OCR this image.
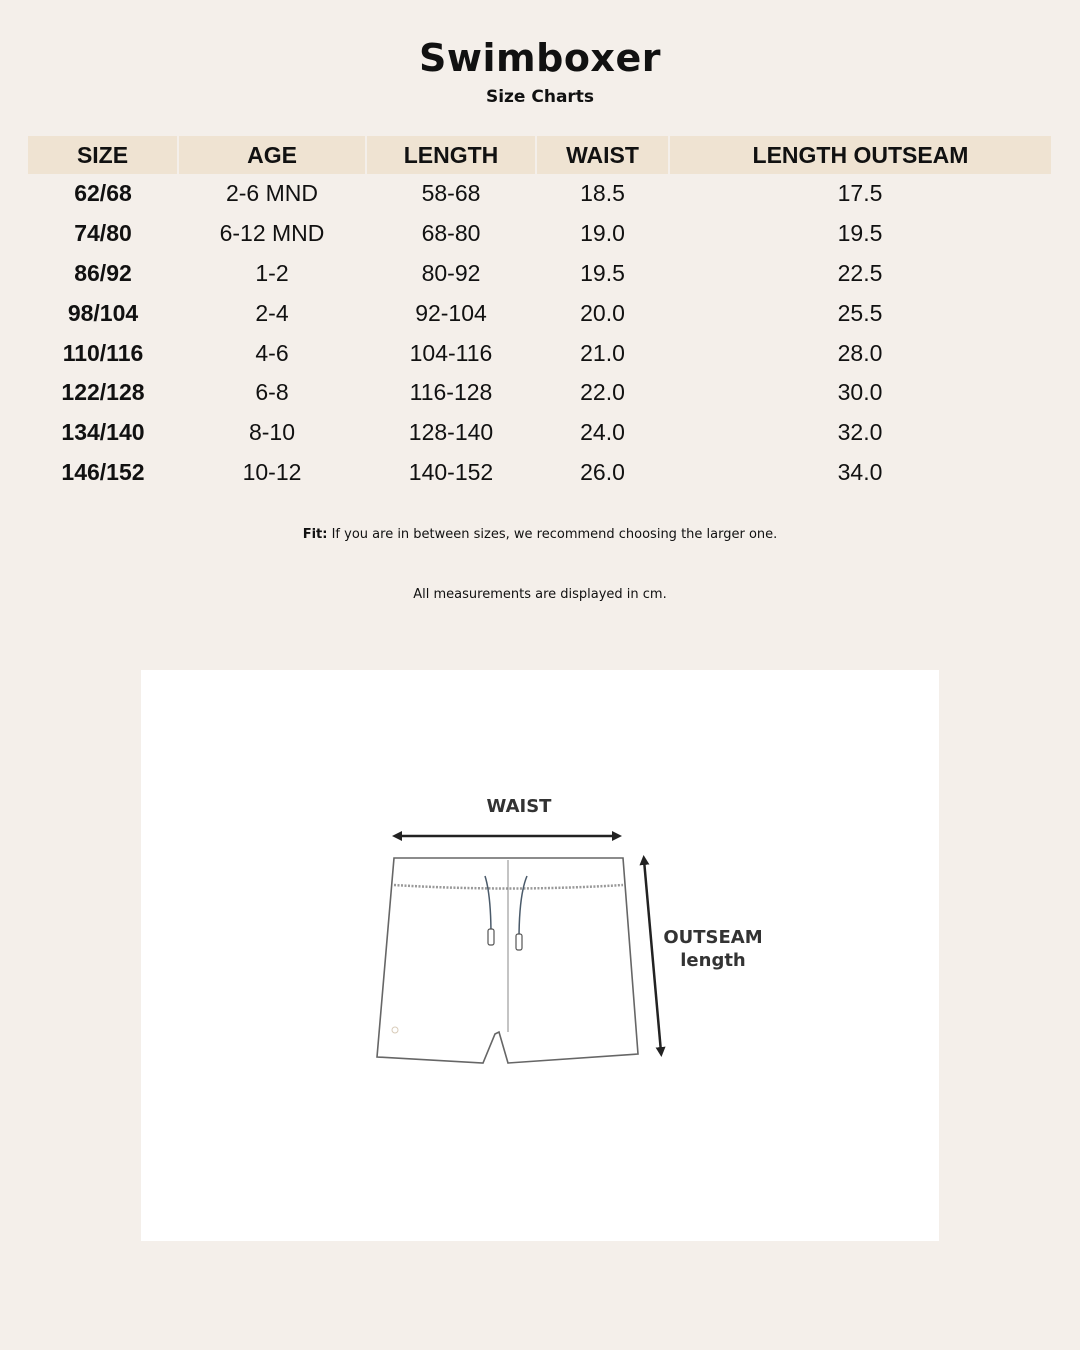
Swimboxer
Size Charts
SIZE	AGE	LENGTH	WAIST	LENGTH OUTSEAM
62/68	2-6 MND	58-68	18.5	17.5
74/80	6-12 MND	68-80	19.0	19.5
86/92	1-2	80-92	19.5	22.5
98/104	2-4	92-104	20.0	25.5
110/116	4-6	104-116	21.0	28.0
122/128	6-8	116-128	22.0	30.0
134/140	8-10	128-140	24.0	32.0
146/152	10-12	140-152	26.0	34.0
Fit: If you are in between sizes, we recommend choosing the larger one.
All measurements are displayed in cm.
WAIST
OUTSEAM
length
